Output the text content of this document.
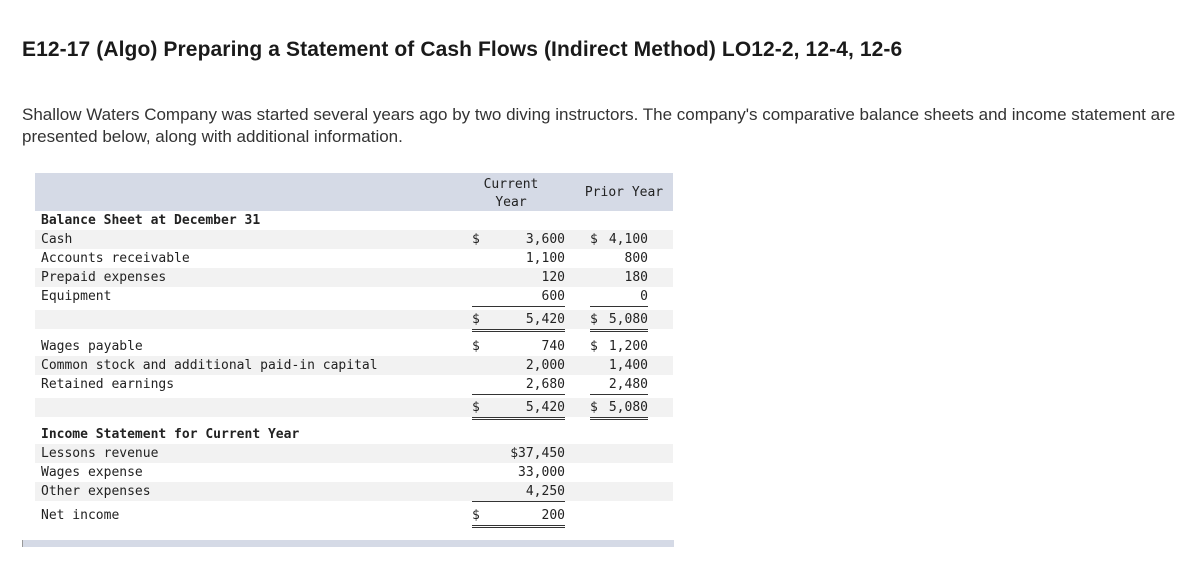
E12-17 (Algo) Preparing a Statement of Cash Flows (Indirect Method) LO12-2, 12-4, 12-6
Shallow Waters Company was started several years ago by two diving instructors. The company's comparative balance sheets and income statement are presented below, along with additional information.
Current
Year
Prior Year
Balance Sheet at December 31
Cash	$	3,600 $ 4,100
Accounts receivable	1,100	800
Prepaid expenses	120	180
Equipment	600	0
$	5,420 $ 5,080
Wages payable	$	740 $ 1,200
Common stock and additional paid-in capital	2,000	1,400
Retained earnings	2,680	2,480
$	5,420 $ 5,080
Income Statement for Current Year
Lessons revenue	$37,450
Wages expense	33,000
Other expenses	4,250
Net income	$	200
